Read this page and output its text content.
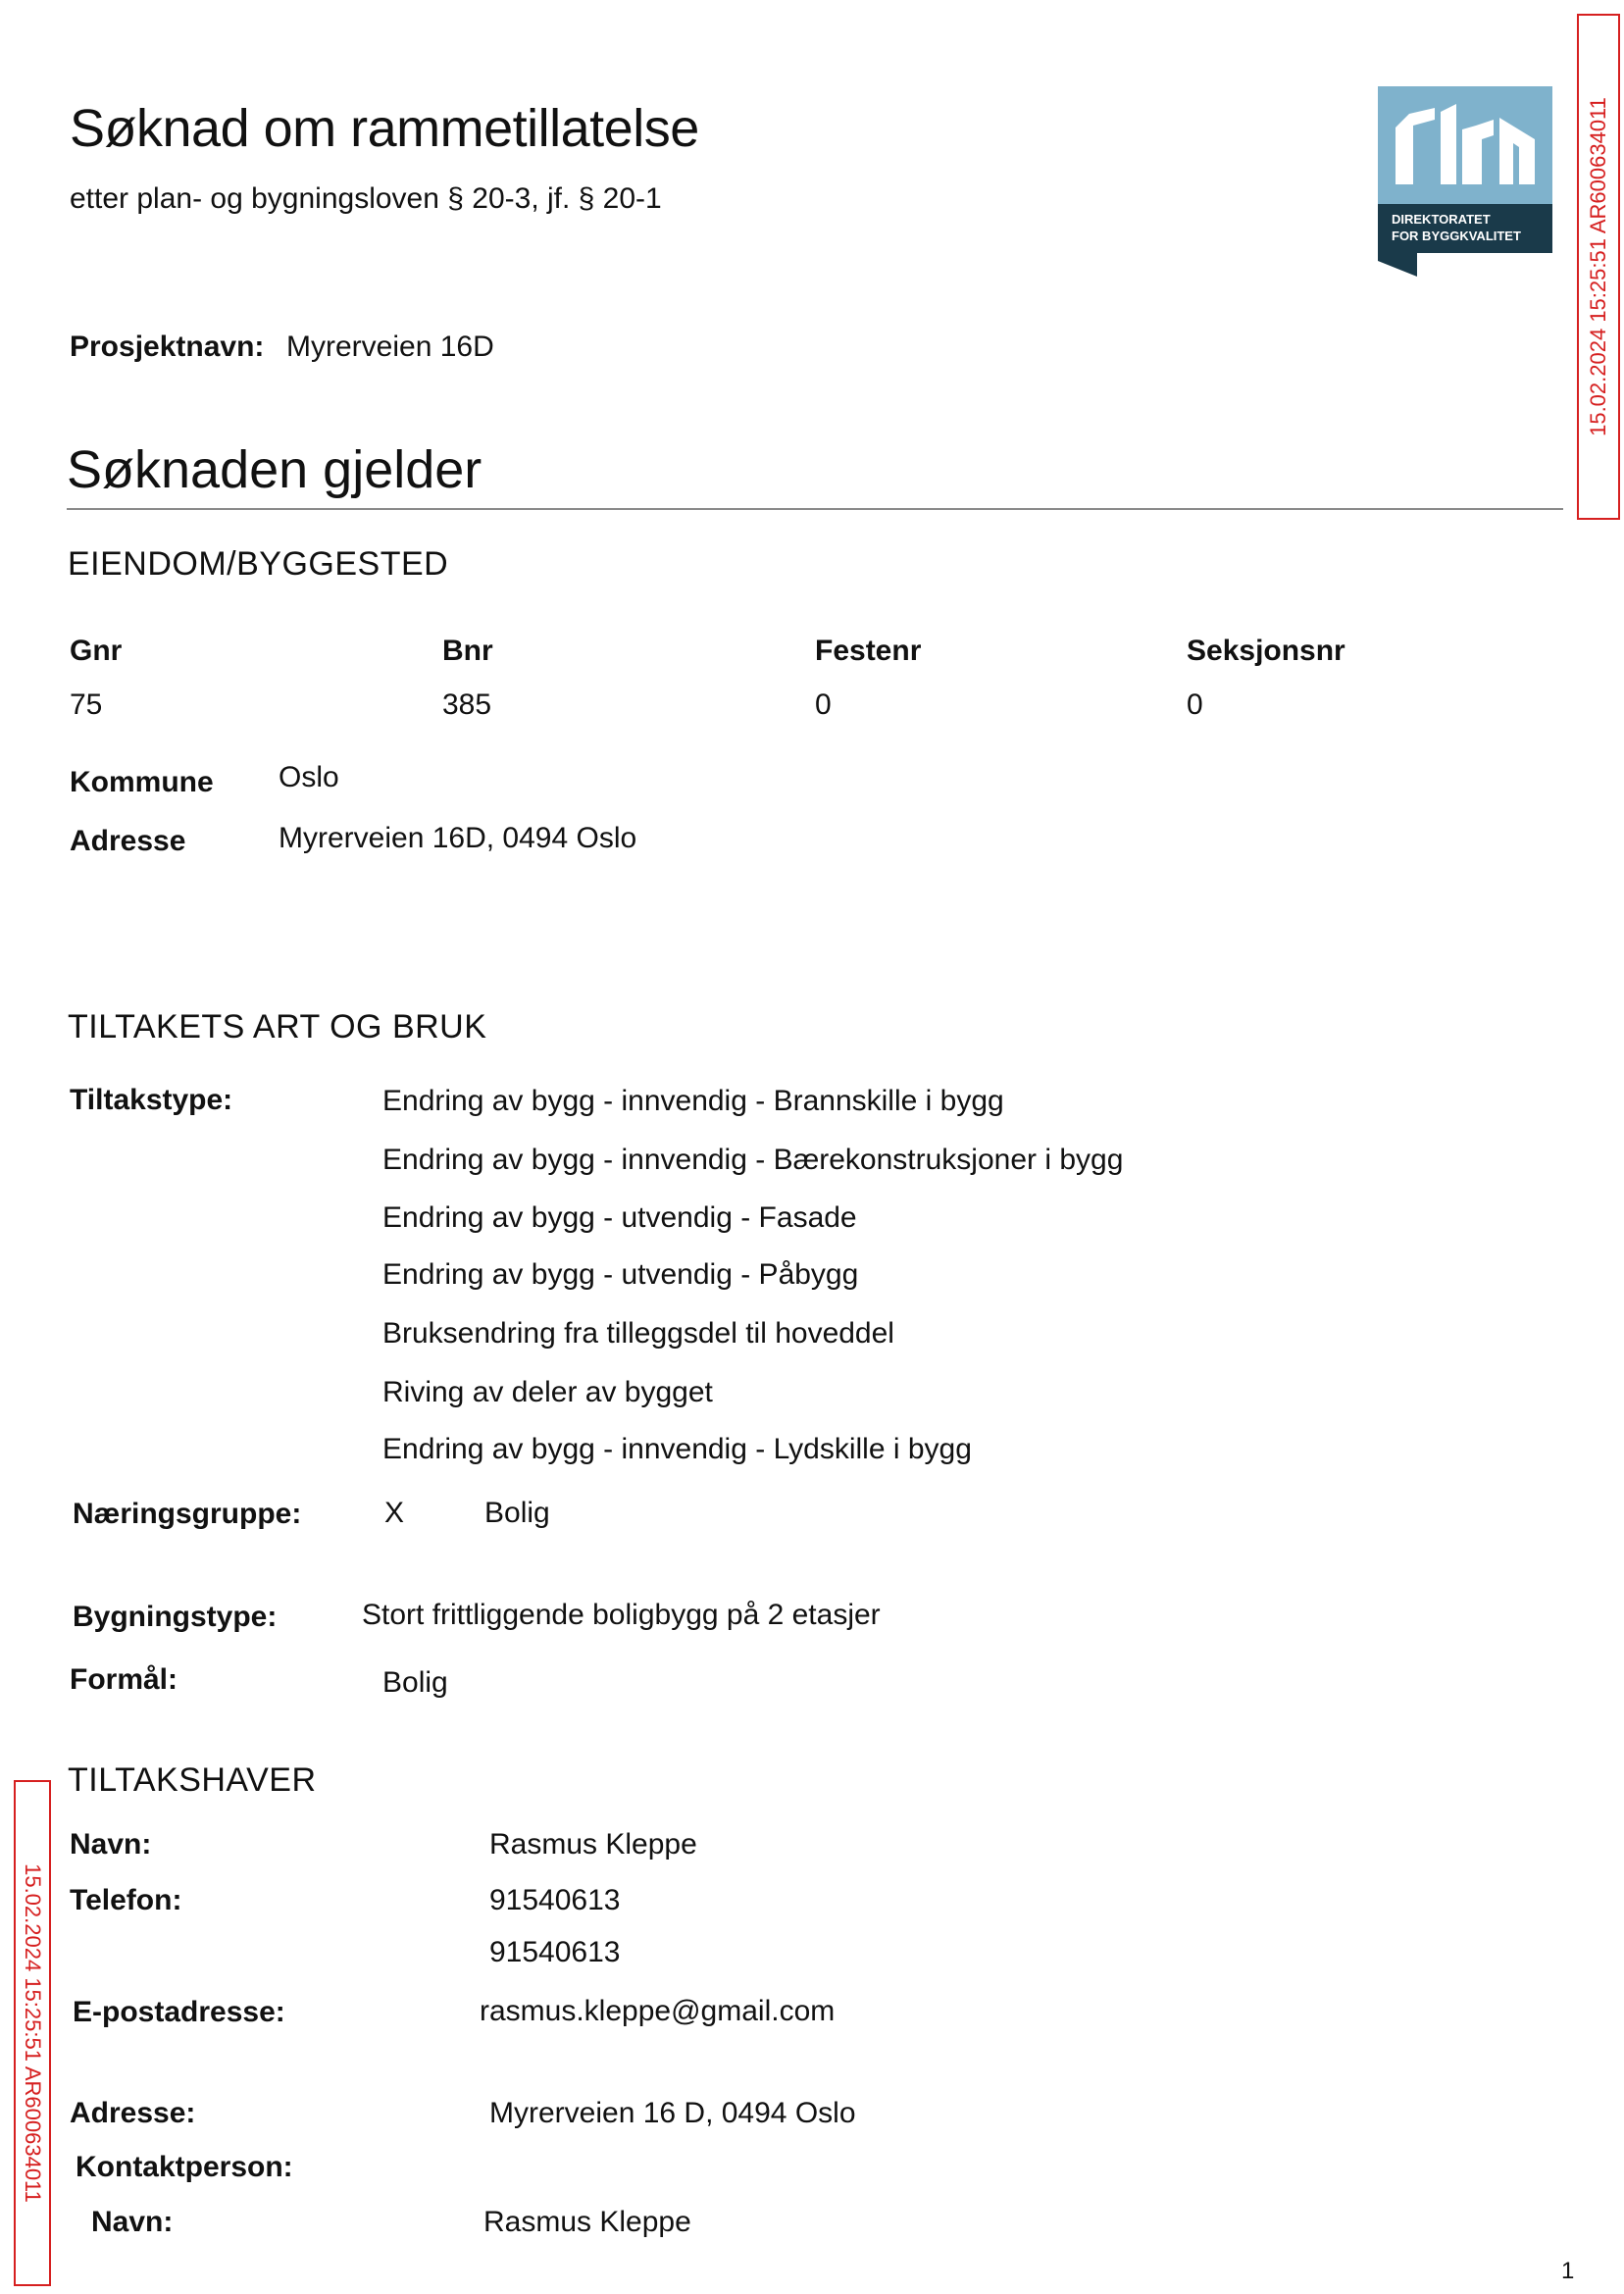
Søknad om rammetillatelse
etter plan- og bygningsloven § 20-3, jf. § 20-1
DIREKTORATET
FOR BYGGKVALITET	15.02.2024 15:25:51 AR600634011
15.02.2024 15:25:51 AR600634011
Prosjektnavn: Myrerveien 16D
Søknaden gjelder
EIENDOM/BYGGESTED
Gnr	Bnr	Festenr	Seksjonsnr
75	385	0	0
Kommune Oslo
Adresse	Myrerveien 16D, 0494 Oslo
TILTAKETS ART OG BRUK
Tiltakstype:	Endring av bygg - innvendig - Brannskille i bygg
Endring av bygg - innvendig - Bærekonstruksjoner i bygg
Endring av bygg - utvendig - Fasade
Endring av bygg - utvendig - Påbygg
Bruksendring fra tilleggsdel til hoveddel
Riving av deler av bygget
Endring av bygg - innvendig - Lydskille i bygg
Næringsgruppe:	X	Bolig
Bygningstype:	Stort frittliggende boligbygg på 2 etasjer
Formål:	Bolig
TILTAKSHAVER
Navn:	Rasmus Kleppe
Telefon:	91540613
91540613
E-postadresse:	rasmus.kleppe@gmail.com
Adresse:	Myrerveien 16 D, 0494 Oslo
Kontaktperson:
Navn:	Rasmus Kleppe
1
